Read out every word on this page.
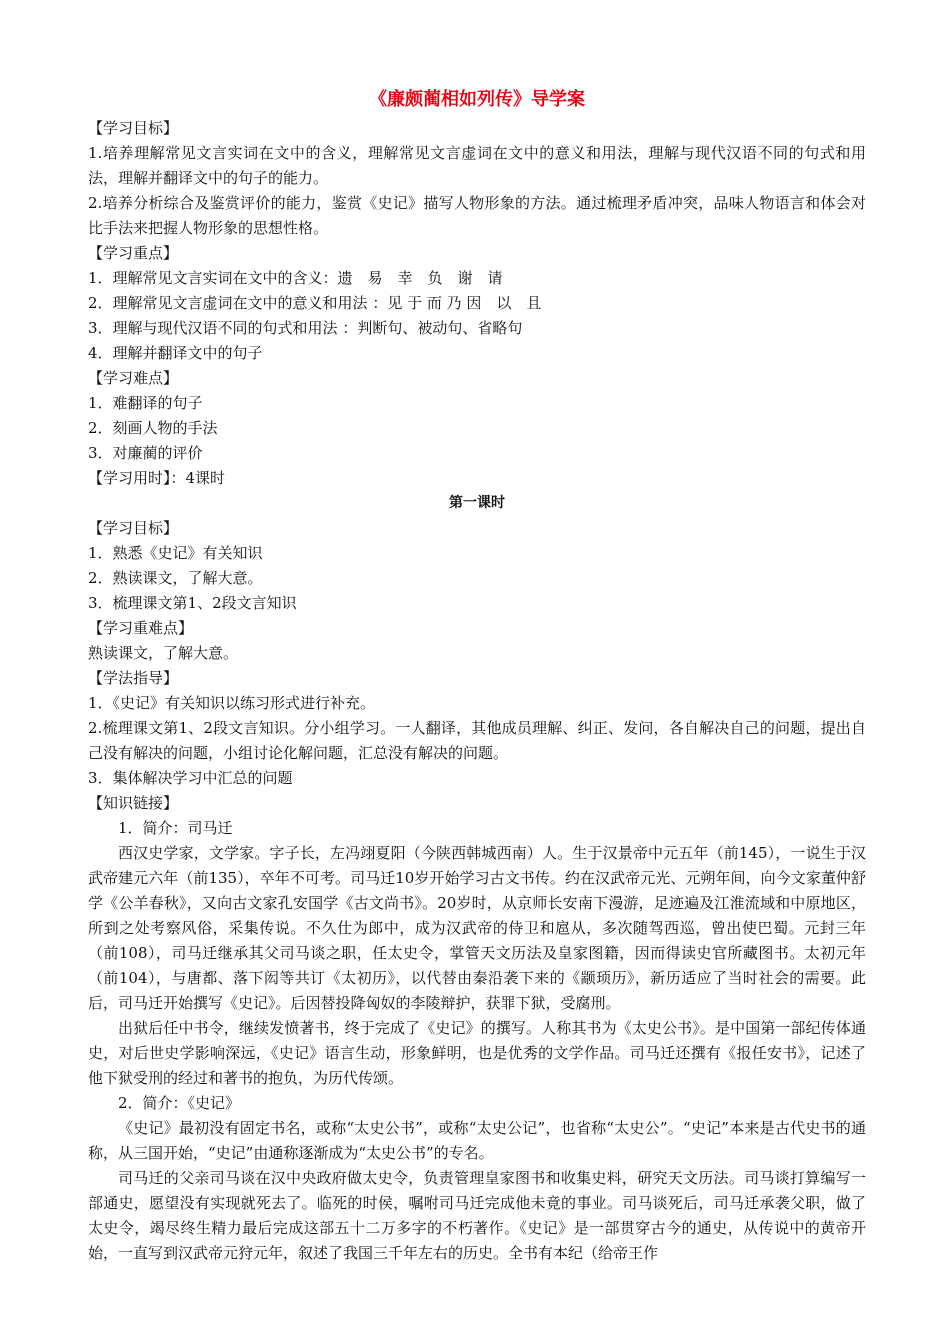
《廉颇蔺相如列传》导学案

【学习目标】

1.培养理解常见文言实词在文中的含义，理解常见文言虚词在文中的意义和用法，理解与现代汉语不同的句式和用法，理解并翻译文中的句子的能力。

2.培养分析综合及鉴赏评价的能力，鉴赏《史记》描写人物形象的方法。通过梳理矛盾冲突，品味人物语言和体会对比手法来把握人物形象的思想性格。

【学习重点】

1．理解常见文言实词在文中的含义：遗　易　幸　负　谢　请

2．理解常见文言虚词在文中的意义和用法 ：见 于 而 乃 因　以　且

3．理解与现代汉语不同的句式和用法 ：判断句、被动句、省略句

4．理解并翻译文中的句子

【学习难点】

1．难翻译的句子

2．刻画人物的手法

3．对廉蔺的评价

【学习用时】：4课时

第一课时

【学习目标】

1．熟悉《史记》有关知识

2．熟读课文，了解大意。

3．梳理课文第1、2段文言知识

【学习重难点】

熟读课文，了解大意。

【学法指导】

1．《史记》有关知识以练习形式进行补充。

2.梳理课文第1、2段文言知识。分小组学习。一人翻译，其他成员理解、纠正、发问，各自解决自己的问题，提出自己没有解决的问题，小组讨论化解问题，汇总没有解决的问题。

3．集体解决学习中汇总的问题

【知识链接】

1．简介：司马迁

西汉史学家，文学家。字子长，左冯翊夏阳（今陕西韩城西南）人。生于汉景帝中元五年（前145），一说生于汉武帝建元六年（前135），卒年不可考。司马迁10岁开始学习古文书传。约在汉武帝元光、元朔年间，向今文家董仲舒学《公羊春秋》，又向古文家孔安国学《古文尚书》。20岁时，从京师长安南下漫游，足迹遍及江淮流域和中原地区，所到之处考察风俗，采集传说。不久仕为郎中，成为汉武帝的侍卫和扈从，多次随驾西巡，曾出使巴蜀。元封三年（前108），司马迁继承其父司马谈之职，任太史令，掌管天文历法及皇家图籍，因而得读史官所藏图书。太初元年（前104），与唐都、落下闳等共订《太初历》，以代替由秦沿袭下来的《颛顼历》，新历适应了当时社会的需要。此后，司马迁开始撰写《史记》。后因替投降匈奴的李陵辩护，获罪下狱，受腐刑。

出狱后任中书令，继续发愤著书，终于完成了《史记》的撰写。人称其书为《太史公书》。是中国第一部纪传体通史，对后世史学影响深远，《史记》语言生动，形象鲜明，也是优秀的文学作品。司马迁还撰有《报任安书》，记述了他下狱受刑的经过和著书的抱负，为历代传颂。

2．简介：《史记》

《史记》最初没有固定书名，或称“太史公书”，或称“太史公记”，也省称“太史公”。“史记”本来是古代史书的通称，从三国开始，“史记”由通称逐渐成为“太史公书”的专名。

司马迁的父亲司马谈在汉中央政府做太史令，负责管理皇家图书和收集史料，研究天文历法。司马谈打算编写一部通史，愿望没有实现就死去了。临死的时侯，嘱咐司马迁完成他未竟的事业。司马谈死后，司马迁承袭父职，做了太史令，竭尽终生精力最后完成这部五十二万多字的不朽著作。《史记》是一部贯穿古今的通史，从传说中的黄帝开始，一直写到汉武帝元狩元年，叙述了我国三千年左右的历史。全书有本纪（给帝王作
